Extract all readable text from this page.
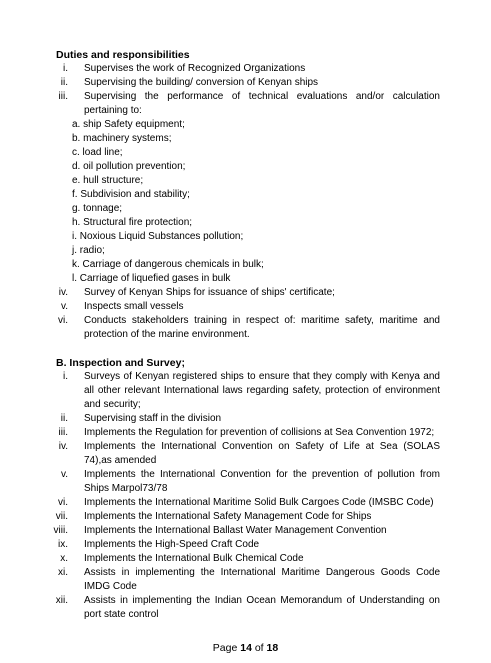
Duties and responsibilities
i.	Supervises the work of Recognized Organizations
ii.	Supervising the building/ conversion of Kenyan ships
iii.	Supervising the performance of technical evaluations and/or calculation pertaining to:
a. ship Safety equipment;
b. machinery systems;
c. load line;
d. oil pollution prevention;
e. hull structure;
f. Subdivision and stability;
g. tonnage;
h. Structural fire protection;
i. Noxious Liquid Substances pollution;
j. radio;
k. Carriage of dangerous chemicals in bulk;
l. Carriage of liquefied gases in bulk
iv.	Survey of Kenyan Ships for issuance of ships' certificate;
v.	Inspects small vessels
vi.	Conducts stakeholders training in respect of: maritime safety, maritime and protection of the marine environment.
B. Inspection and Survey;
i.	Surveys of Kenyan registered ships to ensure that they comply with Kenya and all other relevant International laws regarding safety, protection of environment and security;
ii.	Supervising staff in the division
iii.	Implements the Regulation for prevention of collisions at Sea Convention 1972;
iv.	Implements the International Convention on Safety of Life at Sea (SOLAS 74),as amended
v.	Implements the International Convention for the prevention of pollution from Ships Marpol73/78
vi.	Implements the International Maritime Solid Bulk Cargoes Code (IMSBC Code)
vii.	Implements the International Safety Management Code for Ships
viii.	Implements the International Ballast Water Management Convention
ix.	Implements the High-Speed Craft Code
x.	Implements the International Bulk Chemical Code
xi.	Assists in implementing the International Maritime Dangerous Goods Code IMDG Code
xii.	Assists in implementing the Indian Ocean Memorandum of Understanding on port state control
Page 14 of 18
